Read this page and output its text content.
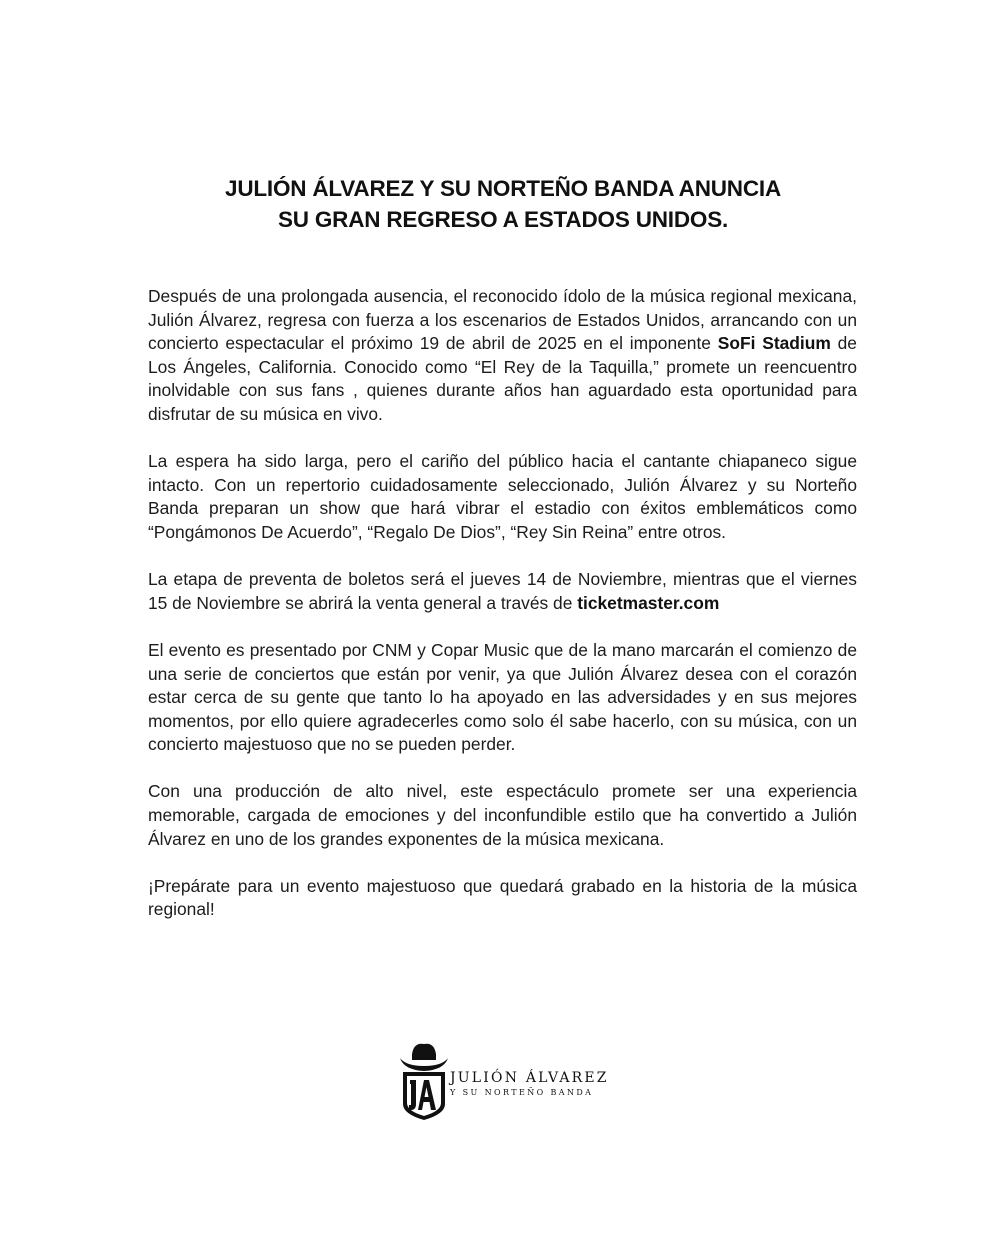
JULIÓN ÁLVAREZ Y SU NORTEÑO BANDA ANUNCIA
SU GRAN REGRESO A ESTADOS UNIDOS.

Después de una prolongada ausencia, el reconocido ídolo de la música regional mexicana, Julión Álvarez, regresa con fuerza a los escenarios de Estados Unidos, arrancando con un concierto espectacular el próximo 19 de abril de 2025 en el imponente SoFi Stadium de Los Ángeles, California. Conocido como “El Rey de la Taquilla,” promete un reencuentro inolvidable con sus fans , quienes durante años han aguardado esta oportunidad para disfrutar de su música en vivo.

La espera ha sido larga, pero el cariño del público hacia el cantante chiapaneco sigue intacto. Con un repertorio cuidadosamente seleccionado, Julión Álvarez y su Norteño Banda preparan un show que hará vibrar el estadio con éxitos emblemáticos como “Pongámonos De Acuerdo”, “Regalo De Dios”, “Rey Sin Reina” entre otros.

La etapa de preventa de boletos será el jueves 14 de Noviembre, mientras que el viernes 15 de Noviembre se abrirá la venta general a través de ticketmaster.com

El evento es presentado por CNM y Copar Music que de la mano marcarán el comienzo de una serie de conciertos que están por venir, ya que Julión Álvarez desea con el corazón estar cerca de su gente que tanto lo ha apoyado en las adversidades y en sus mejores momentos, por ello quiere agradecerles como solo él sabe hacerlo, con su música, con un concierto majestuoso que no se pueden perder.

Con una producción de alto nivel, este espectáculo promete ser una experiencia memorable, cargada de emociones y del inconfundible estilo que ha convertido a Julión Álvarez en uno de los grandes exponentes de la música mexicana.

¡Prepárate para un evento majestuoso que quedará grabado en la historia de la música regional!

JULIÓN ÁLVAREZ
Y SU NORTEÑO BANDA
